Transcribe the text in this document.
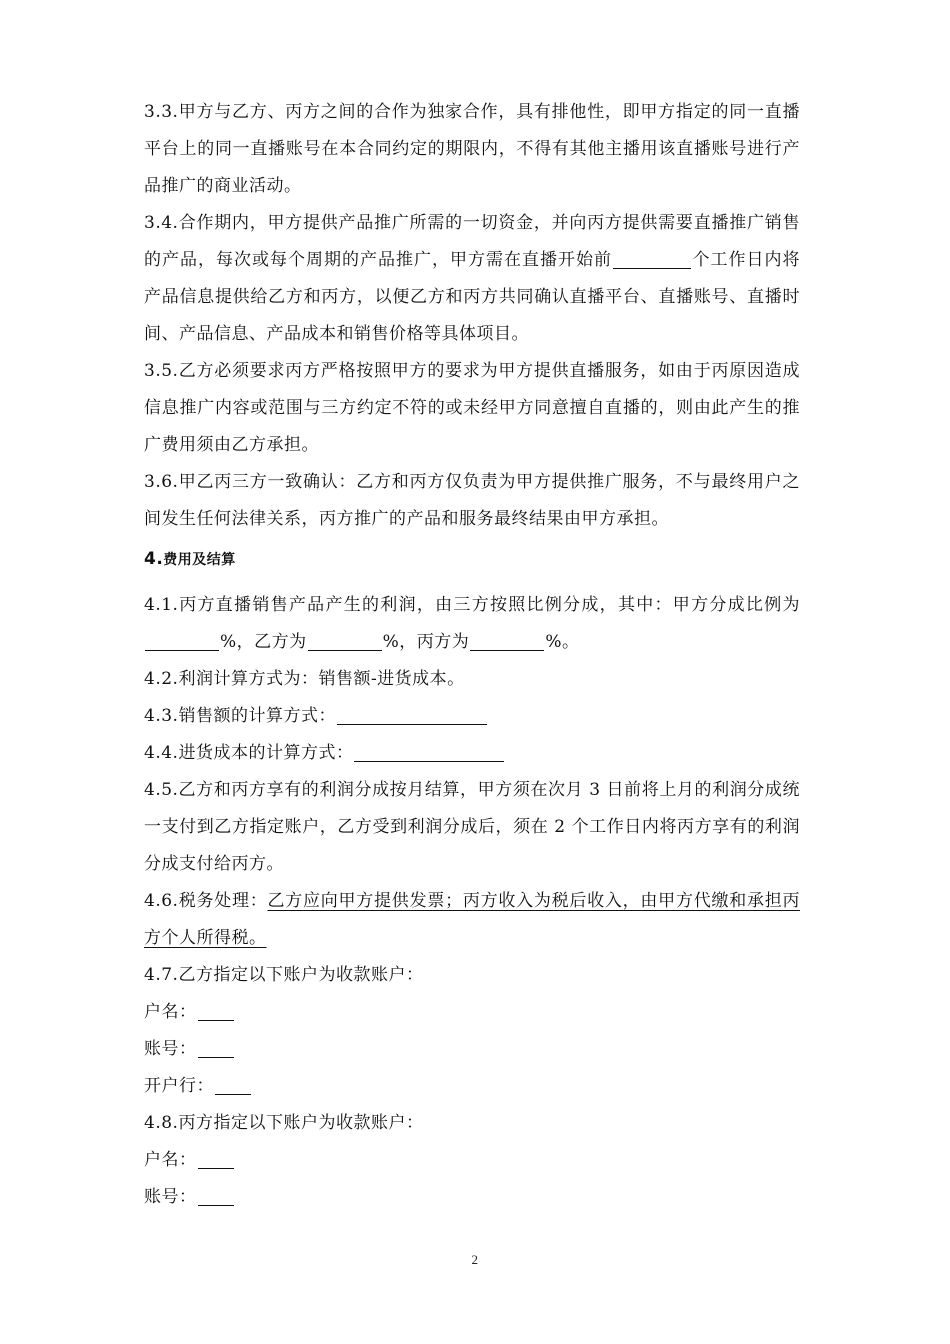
3.3.甲方与乙方、丙方之间的合作为独家合作，具有排他性，即甲方指定的同一直播平台上的同一直播账号在本合同约定的期限内，不得有其他主播用该直播账号进行产品推广的商业活动。

3.4.合作期内，甲方提供产品推广所需的一切资金，并向丙方提供需要直播推广销售的产品，每次或每个周期的产品推广，甲方需在直播开始前	个工作日内将产品信息提供给乙方和丙方，以便乙方和丙方共同确认直播平台、直播账号、直播时间、产品信息、产品成本和销售价格等具体项目。

3.5.乙方必须要求丙方严格按照甲方的要求为甲方提供直播服务，如由于丙原因造成信息推广内容或范围与三方约定不符的或未经甲方同意擅自直播的，则由此产生的推广费用须由乙方承担。

3.6.甲乙丙三方一致确认：乙方和丙方仅负责为甲方提供推广服务，不与最终用户之间发生任何法律关系，丙方推广的产品和服务最终结果由甲方承担。

4.费用及结算

4.1.丙方直播销售产品产生的利润，由三方按照比例分成，其中：甲方分成比例为%，乙方为	%，丙方为	%。

4.2.利润计算方式为：销售额-进货成本。

4.3.销售额的计算方式：

4.4.进货成本的计算方式：

4.5.乙方和丙方享有的利润分成按月结算，甲方须在次月 3 日前将上月的利润分成统一支付到乙方指定账户，乙方受到利润分成后，须在 2 个工作日内将丙方享有的利润分成支付给丙方。

4.6.税务处理：乙方应向甲方提供发票；丙方收入为税后收入，由甲方代缴和承担丙方个人所得税。

4.7.乙方指定以下账户为收款账户：

户名：

账号：

开户行：

4.8.丙方指定以下账户为收款账户：

户名：

账号：

2
